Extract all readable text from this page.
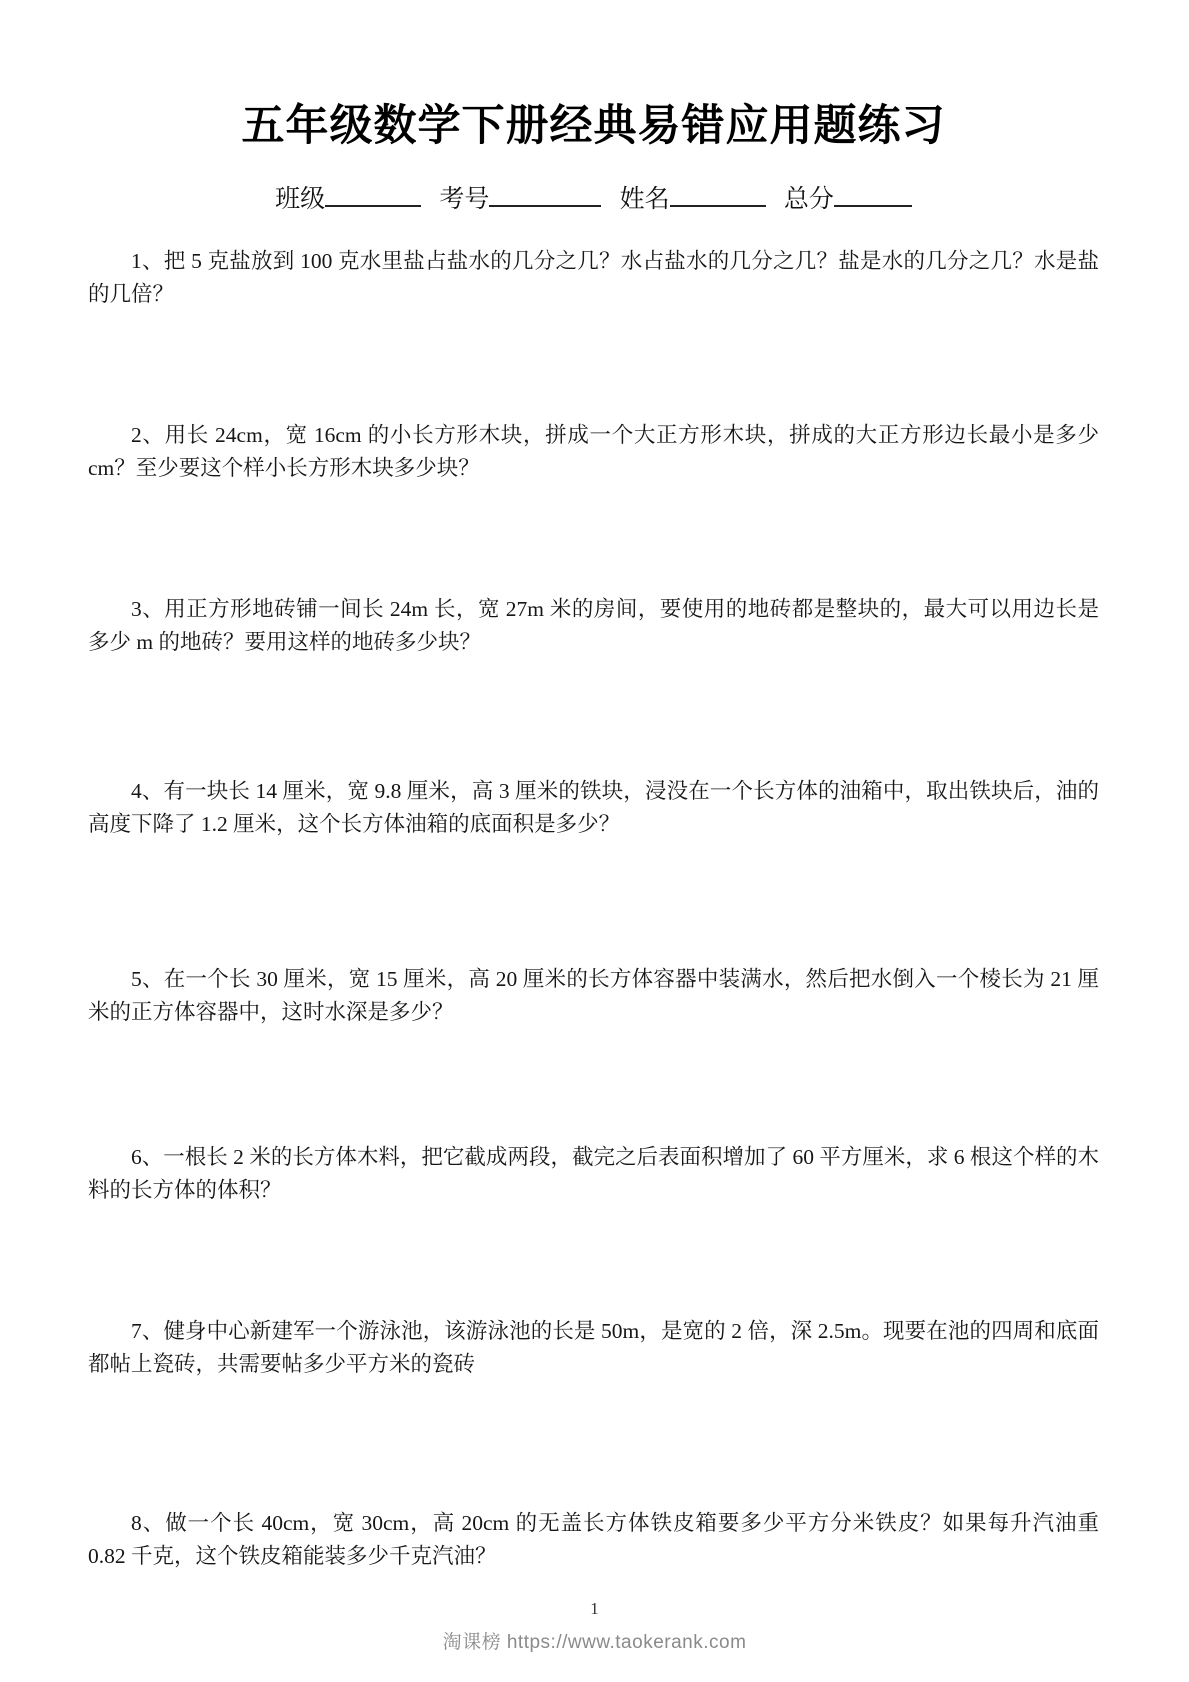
五年级数学下册经典易错应用题练习
班级	考号	姓名	总分

1、把 5 克盐放到 100 克水里盐占盐水的几分之几？水占盐水的几分之几？盐是水的几分之几？水是盐的几倍？

2、用长 24cm，宽 16cm 的小长方形木块，拼成一个大正方形木块，拼成的大正方形边长最小是多少 cm？至少要这个样小长方形木块多少块？

3、用正方形地砖铺一间长 24m 长，宽 27m 米的房间，要使用的地砖都是整块的，最大可以用边长是多少 m 的地砖？要用这样的地砖多少块？

4、有一块长 14 厘米，宽 9.8 厘米，高 3 厘米的铁块，浸没在一个长方体的油箱中，取出铁块后，油的高度下降了 1.2 厘米，这个长方体油箱的底面积是多少？

5、在一个长 30 厘米，宽 15 厘米，高 20 厘米的长方体容器中装满水，然后把水倒入一个棱长为 21 厘米的正方体容器中，这时水深是多少？

6、一根长 2 米的长方体木料，把它截成两段，截完之后表面积增加了 60 平方厘米，求 6 根这个样的木料的长方体的体积？

7、健身中心新建军一个游泳池，该游泳池的长是 50m，是宽的 2 倍，深 2.5m。现要在池的四周和底面都帖上瓷砖，共需要帖多少平方米的瓷砖

8、做一个长 40cm，宽 30cm，高 20cm 的无盖长方体铁皮箱要多少平方分米铁皮？如果每升汽油重 0.82 千克，这个铁皮箱能装多少千克汽油？

1
淘课榜 https://www.taokerank.com
